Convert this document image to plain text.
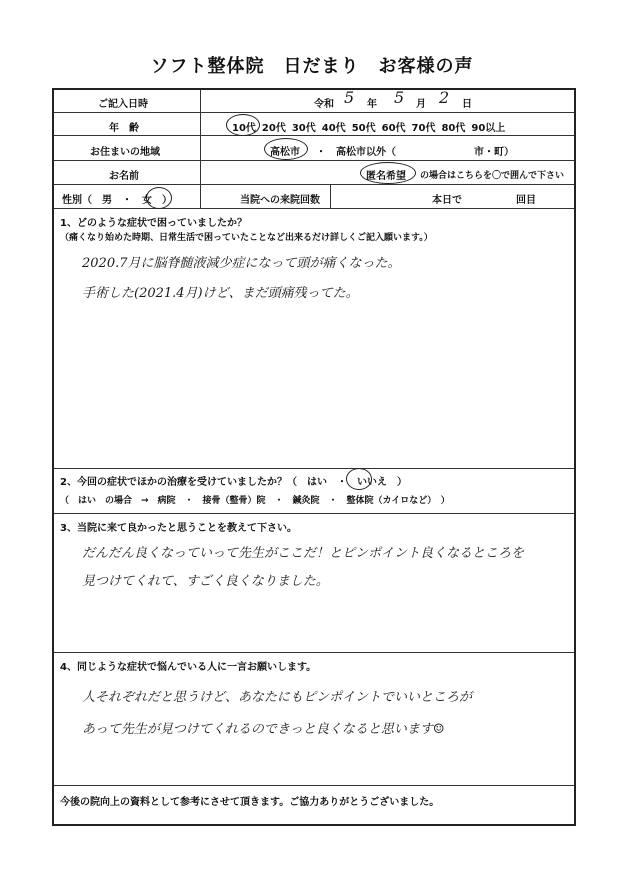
ソフト整体院　日だまり　お客様の声
ご記入日時	令和 5 年 5 月 2 日
年　齢	10代 20代 30代 40代 50代 60代 70代 80代 90以上
お住まいの地域	高松市 ・ 高松市以外（	市・町）
お名前	匿名希望 の場合はこちらを〇で囲んで下さい
性別（　男　・　女　）	当院への来院回数	本日で	回目
1、どのような症状で困っていましたか？
（痛くなり始めた時期、日常生活で困っていたことなど出来るだけ詳しくご記入願います。）
2020.7月に脳脊髄液減少症になって頭が痛くなった。
手術した(2021.4月)けど、まだ頭痛残ってた。
2、今回の症状でほかの治療を受けていましたか？（　はい　・　いいえ　）
（　はい　の場合　→　病院　・　接骨（整骨）院　・　鍼灸院　・　整体院（カイロなど）　）
3、当院に来て良かったと思うことを教えて下さい。
だんだん良くなっていって先生がここだ！とピンポイント良くなるところを
見つけてくれて、すごく良くなりました。
4、同じような症状で悩んでいる人に一言お願いします。
人それぞれだと思うけど、あなたにもピンポイントでいいところが
あって先生が見つけてくれるのできっと良くなると思います☺
今後の院向上の資料として参考にさせて頂きます。ご協力ありがとうございました。
